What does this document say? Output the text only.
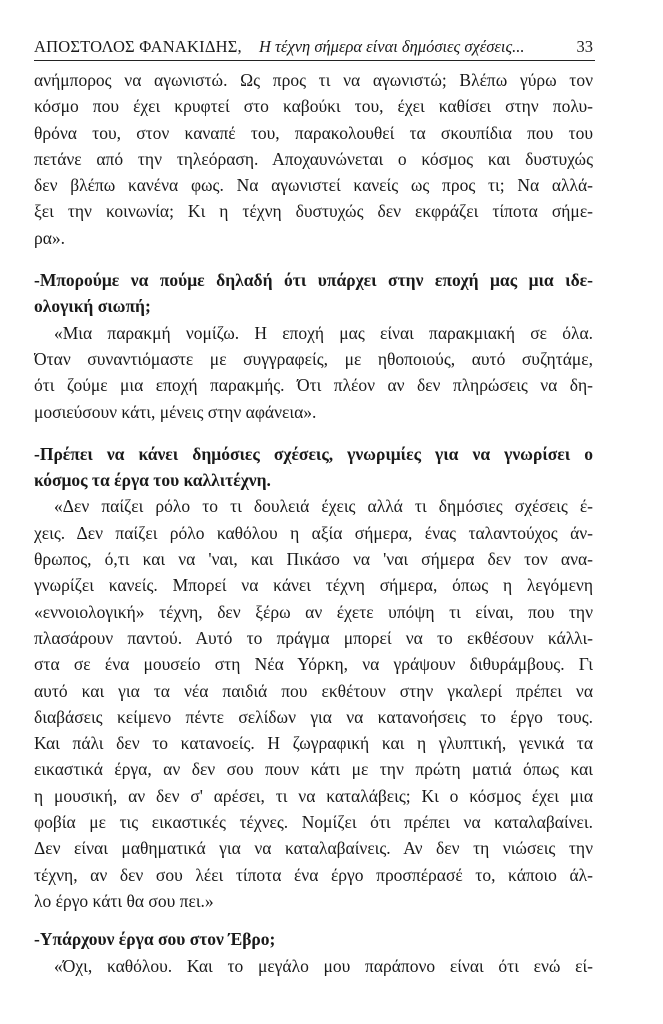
ΑΠΟΣΤΟΛΟΣ ΦΑΝΑΚΙΔΗΣ, Η τέχνη σήμερα είναι δημόσιες σχέσεις...	33
ανήμπορος να αγωνιστώ. Ως προς τι να αγωνιστώ; Βλέπω γύρω τον
κόσμο που έχει κρυφτεί στο καβούκι του, έχει καθίσει στην πολυ-
θρόνα του, στον καναπέ του, παρακολουθεί τα σκουπίδια που του
πετάνε από την τηλεόραση. Αποχαυνώνεται ο κόσμος και δυστυχώς
δεν βλέπω κανένα φως. Να αγωνιστεί κανείς ως προς τι; Να αλλά-
ξει την κοινωνία; Κι η τέχνη δυστυχώς δεν εκφράζει τίποτα σήμε-
ρα».
-Μπορούμε να πούμε δηλαδή ότι υπάρχει στην εποχή μας μια ιδε-
ολογική σιωπή;
«Μια παρακμή νομίζω. Η εποχή μας είναι παρακμιακή σε όλα.
Όταν συναντιόμαστε με συγγραφείς, με ηθοποιούς, αυτό συζητάμε,
ότι ζούμε μια εποχή παρακμής. Ότι πλέον αν δεν πληρώσεις να δη-
μοσιεύσουν κάτι, μένεις στην αφάνεια».
-Πρέπει να κάνει δημόσιες σχέσεις, γνωριμίες για να γνωρίσει ο
κόσμος τα έργα του καλλιτέχνη.
«Δεν παίζει ρόλο το τι δουλειά έχεις αλλά τι δημόσιες σχέσεις έ-
χεις. Δεν παίζει ρόλο καθόλου η αξία σήμερα, ένας ταλαντούχος άν-
θρωπος, ό,τι και να 'ναι, και Πικάσο να 'ναι σήμερα δεν τον ανα-
γνωρίζει κανείς. Μπορεί να κάνει τέχνη σήμερα, όπως η λεγόμενη
«εννοιολογική» τέχνη, δεν ξέρω αν έχετε υπόψη τι είναι, που την
πλασάρουν παντού. Αυτό το πράγμα μπορεί να το εκθέσουν κάλλι-
στα σε ένα μουσείο στη Νέα Υόρκη, να γράψουν διθυράμβους. Γι
αυτό και για τα νέα παιδιά που εκθέτουν στην γκαλερί πρέπει να
διαβάσεις κείμενο πέντε σελίδων για να κατανοήσεις το έργο τους.
Και πάλι δεν το κατανοείς. Η ζωγραφική και η γλυπτική, γενικά τα
εικαστικά έργα, αν δεν σου πουν κάτι με την πρώτη ματιά όπως και
η μουσική, αν δεν σ' αρέσει, τι να καταλάβεις; Κι ο κόσμος έχει μια
φοβία με τις εικαστικές τέχνες. Νομίζει ότι πρέπει να καταλαβαίνει.
Δεν είναι μαθηματικά για να καταλαβαίνεις. Αν δεν τη νιώσεις την
τέχνη, αν δεν σου λέει τίποτα ένα έργο προσπέρασέ το, κάποιο άλ-
λο έργο κάτι θα σου πει.»
-Υπάρχουν έργα σου στον Έβρο;
«Όχι, καθόλου. Και το μεγάλο μου παράπονο είναι ότι ενώ εί-
